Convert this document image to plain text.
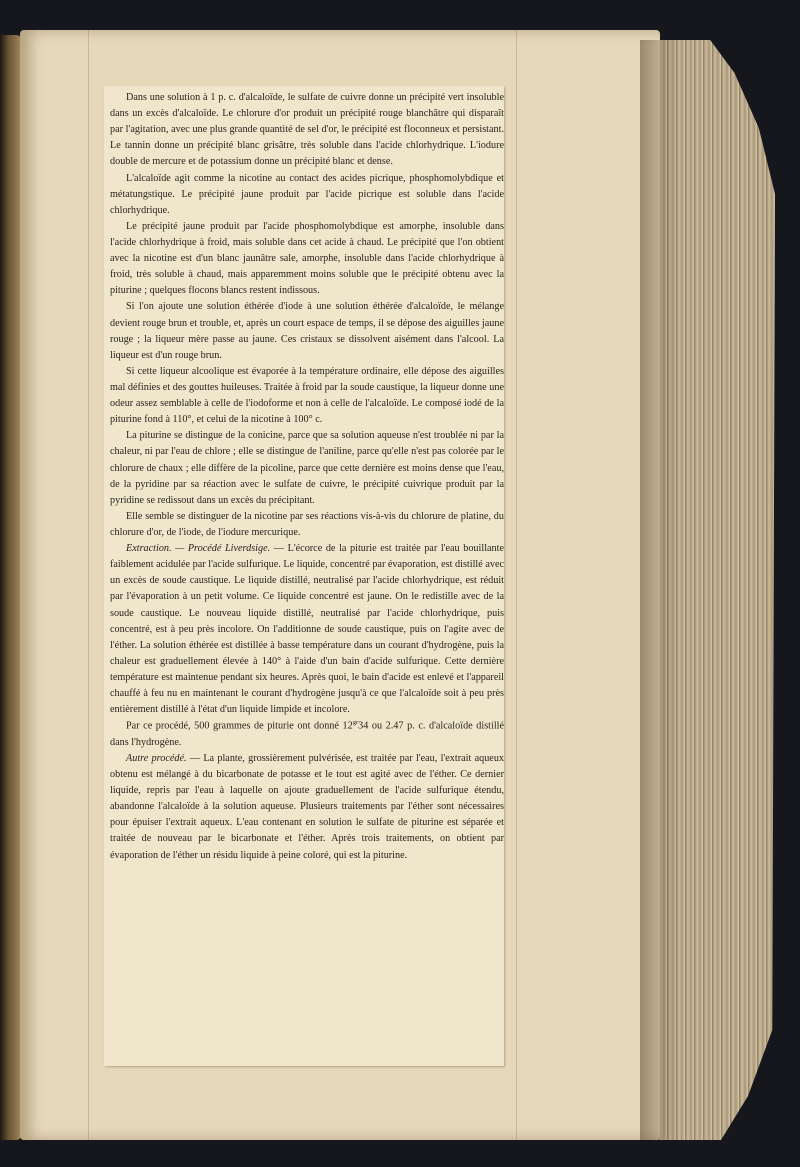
Dans une solution à 1 p. c. d'alcaloïde, le sulfate de cuivre donne un précipité vert insoluble dans un excès d'alcaloïde. Le chlorure d'or produit un précipité rouge blanchâtre qui disparaît par l'agitation, avec une plus grande quantité de sel d'or, le précipité est floconneux et persistant. Le tannin donne un précipité blanc grisâtre, très soluble dans l'acide chlorhydrique. L'iodure double de mercure et de potassium donne un précipité blanc et dense.

L'alcaloïde agit comme la nicotine au contact des acides picrique, phosphomolybdique et métatungstique. Le précipité jaune produit par l'acide picrique est soluble dans l'acide chlorhydrique.

Le précipité jaune produit par l'acide phosphomolybdique est amorphe, insoluble dans l'acide chlorhydrique à froid, mais soluble dans cet acide à chaud. Le précipité que l'on obtient avec la nicotine est d'un blanc jaunâtre sale, amorphe, insoluble dans l'acide chlorhydrique à froid, très soluble à chaud, mais apparemment moins soluble que le précipité obtenu avec la piturine ; quelques flocons blancs restent indissous.

Si l'on ajoute une solution éthérée d'iode à une solution éthérée d'alcaloïde, le mélange devient rouge brun et trouble, et, après un court espace de temps, il se dépose des aiguilles jaune rouge ; la liqueur mère passe au jaune. Ces cristaux se dissolvent aisément dans l'alcool. La liqueur est d'un rouge brun.

Si cette liqueur alcoolique est évaporée à la température ordinaire, elle dépose des aiguilles mal définies et des gouttes huileuses. Traitée à froid par la soude caustique, la liqueur donne une odeur assez semblable à celle de l'iodoforme et non à celle de l'alcaloïde. Le composé iodé de la piturine fond à 110°, et celui de la nicotine à 100° c.

La piturine se distingue de la conicine, parce que sa solution aqueuse n'est troublée ni par la chaleur, ni par l'eau de chlore ; elle se distingue de l'aniline, parce qu'elle n'est pas colorée par le chlorure de chaux ; elle diffère de la picoline, parce que cette dernière est moins dense que l'eau, de la pyridine par sa réaction avec le sulfate de cuivre, le précipité cuivrique produit par la pyridine se redissout dans un excès du précipitant.

Elle semble se distinguer de la nicotine par ses réactions vis-à-vis du chlorure de platine, du chlorure d'or, de l'iode, de l'iodure mercurique.

Extraction. — Procédé Liverdsige. — L'écorce de la piturie est traitée par l'eau bouillante faiblement acidulée par l'acide sulfurique. Le liquide, concentré par évaporation, est distillé avec un excès de soude caustique. Le liquide distillé, neutralisé par l'acide chlorhydrique, est réduit par l'évaporation à un petit volume. Ce liquide concentré est jaune. On le redistille avec de la soude caustique. Le nouveau liquide distillé, neutralisé par l'acide chlorhydrique, puis concentré, est à peu près incolore. On l'additionne de soude caustique, puis on l'agite avec de l'éther. La solution éthérée est distillée à basse température dans un courant d'hydrogène, puis la chaleur est graduellement élevée à 140° à l'aide d'un bain d'acide sulfurique. Cette dernière température est maintenue pendant six heures. Après quoi, le bain d'acide est enlevé et l'appareil chauffé à feu nu en maintenant le courant d'hydrogène jusqu'à ce que l'alcaloïde soit à peu près entièrement distillé à l'état d'un liquide limpide et incolore.

Par ce procédé, 500 grammes de piturie ont donné $12^{gr}34$ ou 2.47 p. c. d'alcaloïde distillé dans l'hydrogène.

Autre procédé. — La plante, grossièrement pulvérisée, est traitée par l'eau, l'extrait aqueux obtenu est mélangé à du bicarbonate de potasse et le tout est agité avec de l'éther. Ce dernier liquide, repris par l'eau à laquelle on ajoute graduellement de l'acide sulfurique étendu, abandonne l'alcaloïde à la solution aqueuse. Plusieurs traitements par l'éther sont nécessaires pour épuiser l'extrait aqueux. L'eau contenant en solution le sulfate de piturine est séparée et traitée de nouveau par le bicarbonate et l'éther. Après trois traitements, on obtient par évaporation de l'éther un résidu liquide à peine coloré, qui est la piturine.
